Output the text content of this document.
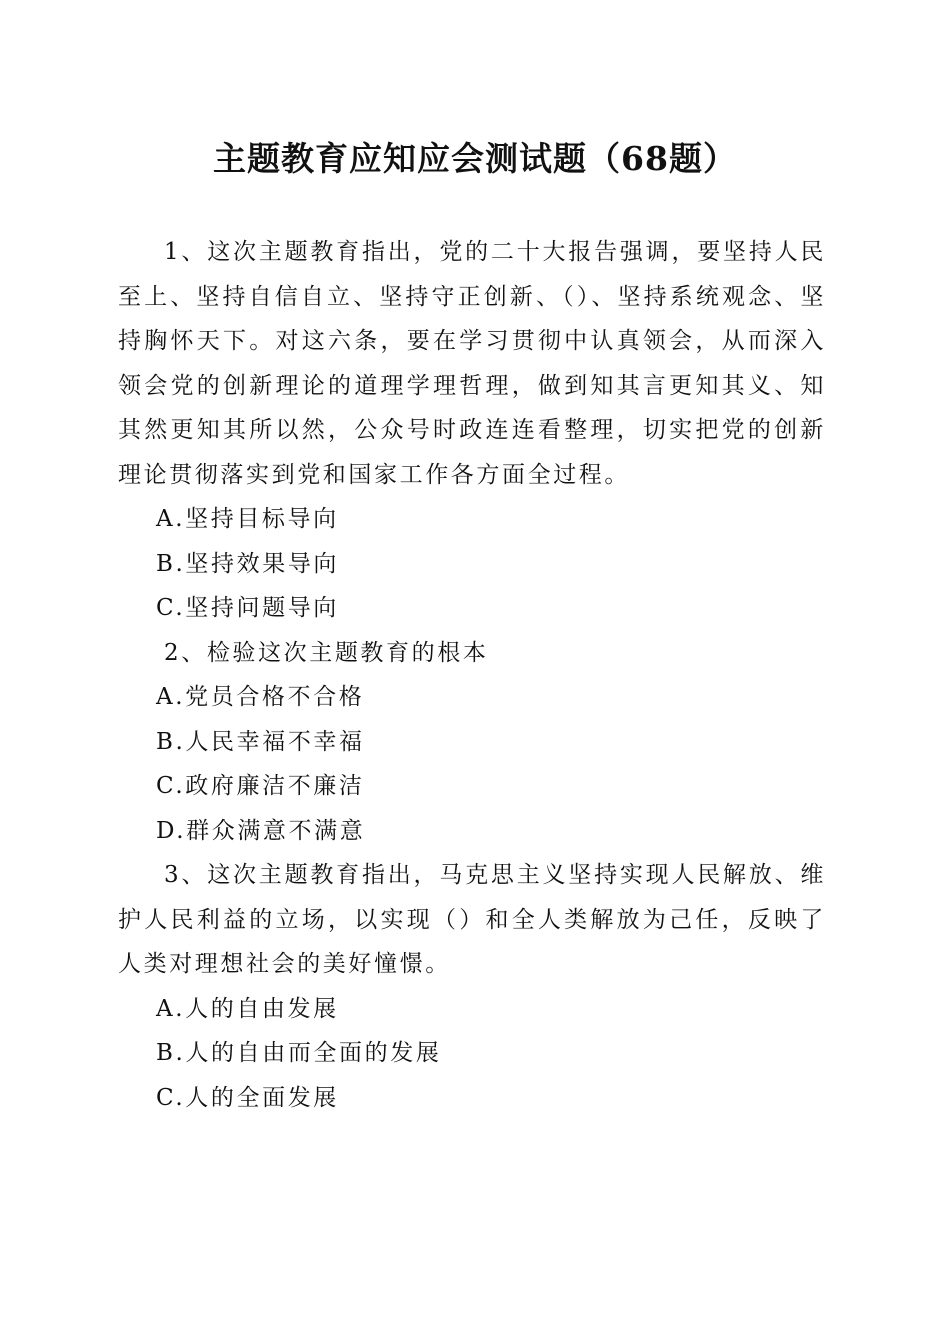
主题教育应知应会测试题（68题）

1、这次主题教育指出，党的二十大报告强调，要坚持人民至上、坚持自信自立、坚持守正创新、（）、坚持系统观念、坚持胸怀天下。对这六条，要在学习贯彻中认真领会，从而深入领会党的创新理论的道理学理哲理，做到知其言更知其义、知其然更知其所以然，公众号时政连连看整理，切实把党的创新理论贯彻落实到党和国家工作各方面全过程。

A.坚持目标导向

B.坚持效果导向

C.坚持问题导向

2、检验这次主题教育的根本

A.党员合格不合格

B.人民幸福不幸福

C.政府廉洁不廉洁

D.群众满意不满意

3、这次主题教育指出，马克思主义坚持实现人民解放、维护人民利益的立场，以实现（）和全人类解放为己任，反映了人类对理想社会的美好憧憬。

A.人的自由发展

B.人的自由而全面的发展

C.人的全面发展
